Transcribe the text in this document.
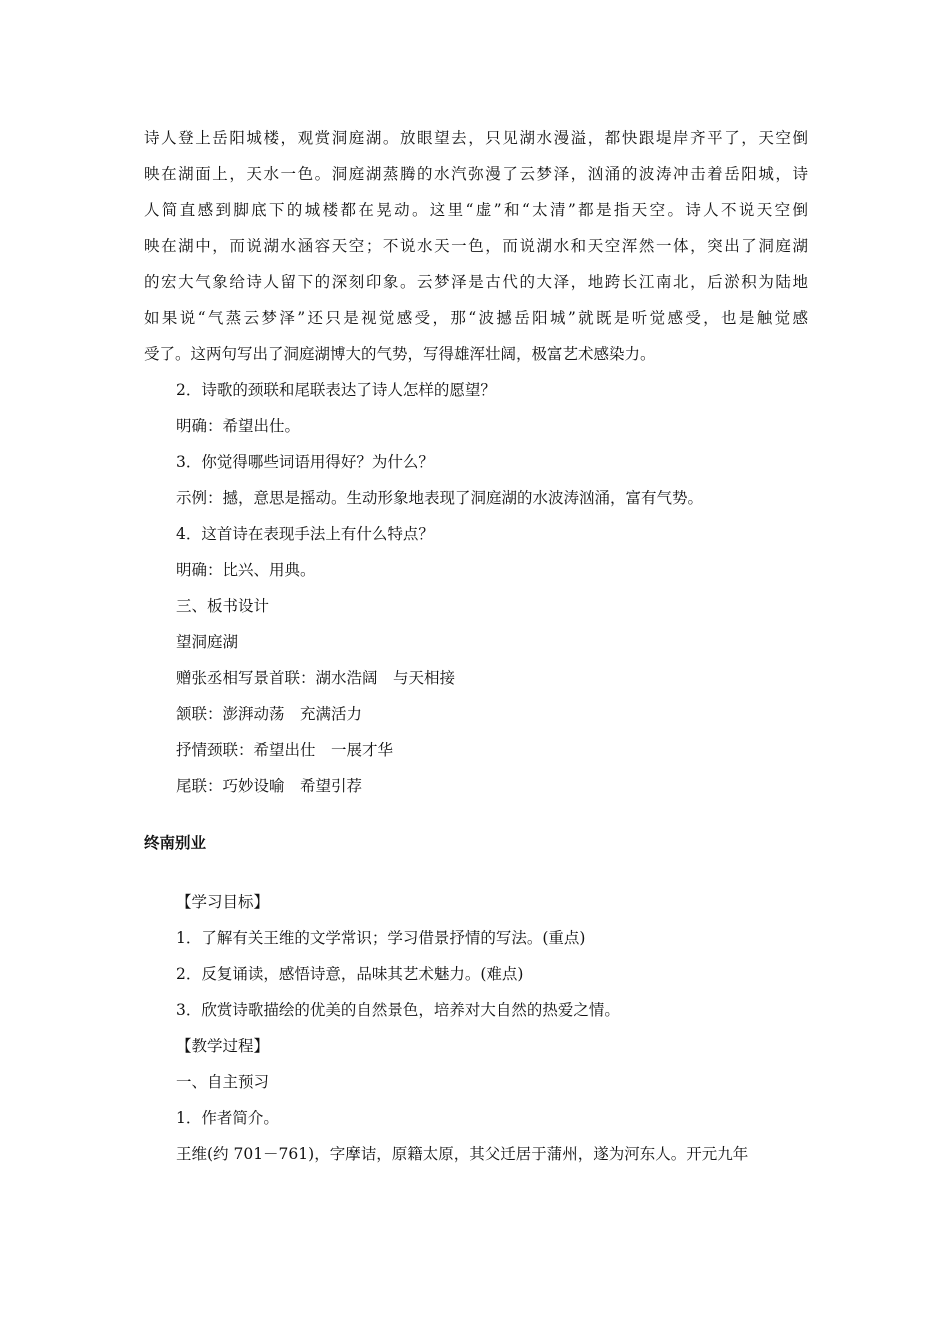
诗人登上岳阳城楼，观赏洞庭湖。放眼望去，只见湖水漫溢，都快跟堤岸齐平了，天空倒
映在湖面上，天水一色。洞庭湖蒸腾的水汽弥漫了云梦泽，汹涌的波涛冲击着岳阳城，诗
人简直感到脚底下的城楼都在晃动。这里“虚”和“太清”都是指天空。诗人不说天空倒
映在湖中，而说湖水涵容天空；不说水天一色，而说湖水和天空浑然一体，突出了洞庭湖
的宏大气象给诗人留下的深刻印象。云梦泽是古代的大泽，地跨长江南北，后淤积为陆地
如果说“气蒸云梦泽”还只是视觉感受，那“波撼岳阳城”就既是听觉感受，也是触觉感
受了。这两句写出了洞庭湖博大的气势，写得雄浑壮阔，极富艺术感染力。
2．诗歌的颈联和尾联表达了诗人怎样的愿望？
明确：希望出仕。
3．你觉得哪些词语用得好？为什么？
示例：撼，意思是摇动。生动形象地表现了洞庭湖的水波涛汹涌，富有气势。
4．这首诗在表现手法上有什么特点？
明确：比兴、用典。
三、板书设计
望洞庭湖
赠张丞相写景首联：湖水浩阔　与天相接
颔联：澎湃动荡　充满活力
抒情颈联：希望出仕　一展才华
尾联：巧妙设喻　希望引荐
终南别业
【学习目标】
1．了解有关王维的文学常识；学习借景抒情的写法。(重点)
2．反复诵读，感悟诗意，品味其艺术魅力。(难点)
3．欣赏诗歌描绘的优美的自然景色，培养对大自然的热爱之情。
【教学过程】
一、自主预习
1．作者简介。
王维(约 701－761)，字摩诘，原籍太原，其父迁居于蒲州，遂为河东人。开元九年
